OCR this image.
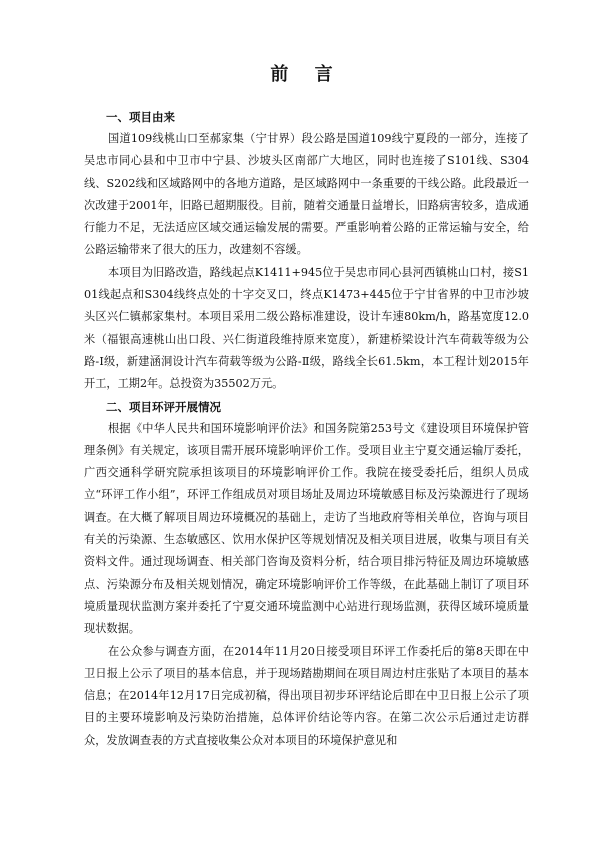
前 言
一、项目由来

国道109线桃山口至郝家集（宁甘界）段公路是国道109线宁夏段的一部分，连接了吴忠市同心县和中卫市中宁县、沙坡头区南部广大地区，同时也连接了S101线、S304线、S202线和区域路网中的各地方道路，是区域路网中一条重要的干线公路。此段最近一次改建于2001年，旧路已超期服役。目前，随着交通量日益增长，旧路病害较多，造成通行能力不足，无法适应区域交通运输发展的需要。严重影响着公路的正常运输与安全，给公路运输带来了很大的压力，改建刻不容缓。

本项目为旧路改造，路线起点K1411+945位于吴忠市同心县河西镇桃山口村，接S101线起点和S304线终点处的十字交叉口，终点K1473+445位于宁甘省界的中卫市沙坡头区兴仁镇郝家集村。本项目采用二级公路标准建设，设计车速80km/h，路基宽度12.0米（福银高速桃山出口段、兴仁街道段维持原来宽度），新建桥梁设计汽车荷载等级为公路-Ⅰ级，新建涵洞设计汽车荷载等级为公路-Ⅱ级，路线全长61.5km，本工程计划2015年开工，工期2年。总投资为35502万元。

二、项目环评开展情况

根据《中华人民共和国环境影响评价法》和国务院第253号文《建设项目环境保护管理条例》有关规定，该项目需开展环境影响评价工作。受项目业主宁夏交通运输厅委托，广西交通科学研究院承担该项目的环境影响评价工作。我院在接受委托后，组织人员成立“环评工作小组”，环评工作组成员对项目场址及周边环境敏感目标及污染源进行了现场调查。在大概了解项目周边环境概况的基础上，走访了当地政府等相关单位，咨询与项目有关的污染源、生态敏感区、饮用水保护区等规划情况及相关项目进展，收集与项目有关资料文件。通过现场调查、相关部门咨询及资料分析，结合项目排污特征及周边环境敏感点、污染源分布及相关规划情况，确定环境影响评价工作等级，在此基础上制订了项目环境质量现状监测方案并委托了宁夏交通环境监测中心站进行现场监测，获得区域环境质量现状数据。

在公众参与调查方面，在2014年11月20日接受项目环评工作委托后的第8天即在中卫日报上公示了项目的基本信息，并于现场踏勘期间在项目周边村庄张贴了本项目的基本信息；在2014年12月17日完成初稿，得出项目初步环评结论后即在中卫日报上公示了项目的主要环境影响及污染防治措施，总体评价结论等内容。在第二次公示后通过走访群众，发放调查表的方式直接收集公众对本项目的环境保护意见和
